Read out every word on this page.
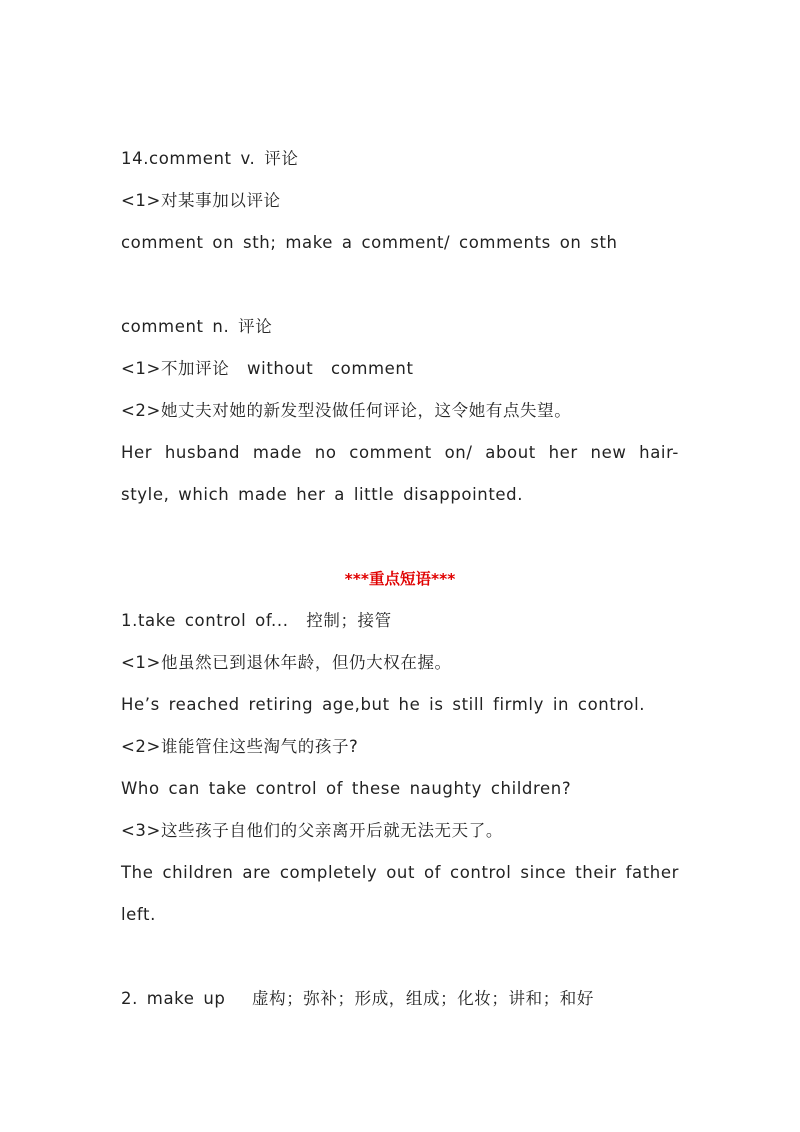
14.comment v. 评论
<1>对某事加以评论
comment on sth; make a comment/ comments on sth
comment n. 评论
<1>不加评论  without  comment
<2>她丈夫对她的新发型没做任何评论，这令她有点失望。
Her husband made no comment on/ about her new hair-
style, which made her a little disappointed.
***重点短语***
1.take control of...  控制；接管
<1>他虽然已到退休年龄，但仍大权在握。
He’s reached retiring age,but he is still firmly in control.
<2>谁能管住这些淘气的孩子?
Who can take control of these naughty children?
<3>这些孩子自他们的父亲离开后就无法无天了。
The children are completely out of control since their father
left.
2. make up   虚构；弥补；形成，组成；化妆；讲和；和好
